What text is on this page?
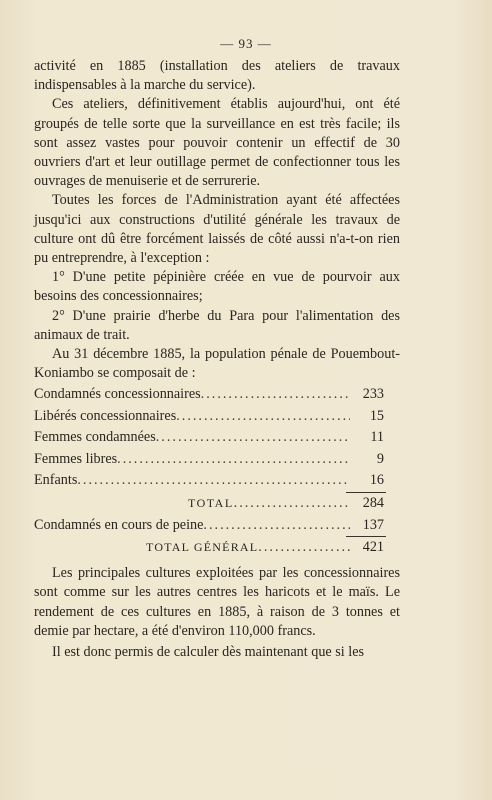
— 93 —

activité en 1885 (installation des ateliers de travaux indispensables à la marche du service).

Ces ateliers, définitivement établis aujourd'hui, ont été groupés de telle sorte que la surveillance en est très facile; ils sont assez vastes pour pouvoir contenir un effectif de 30 ouvriers d'art et leur outillage permet de confectionner tous les ouvrages de menuiserie et de serrurerie.

Toutes les forces de l'Administration ayant été affectées jusqu'ici aux constructions d'utilité générale les travaux de culture ont dû être forcément laissés de côté aussi n'a-t-on rien pu entreprendre, à l'exception :

1° D'une petite pépinière créée en vue de pourvoir aux besoins des concessionnaires;

2° D'une prairie d'herbe du Para pour l'alimentation des animaux de trait.

Au 31 décembre 1885, la population pénale de Pouembout-Koniambo se composait de :

Condamnés concessionnaires .....	233
Libérés concessionnaires .....	15
Femmes condamnées .....	11
Femmes libres .....	9
Enfants .....	16
TOTAL .....	284
Condamnés en cours de peine .....	137
TOTAL GÉNÉRAL .....	421

Les principales cultures exploitées par les concessionnaires sont comme sur les autres centres les haricots et le maïs. Le rendement de ces cultures en 1885, à raison de 3 tonnes et demie par hectare, a été d'environ 110,000 francs.

Il est donc permis de calculer dès maintenant que si les
